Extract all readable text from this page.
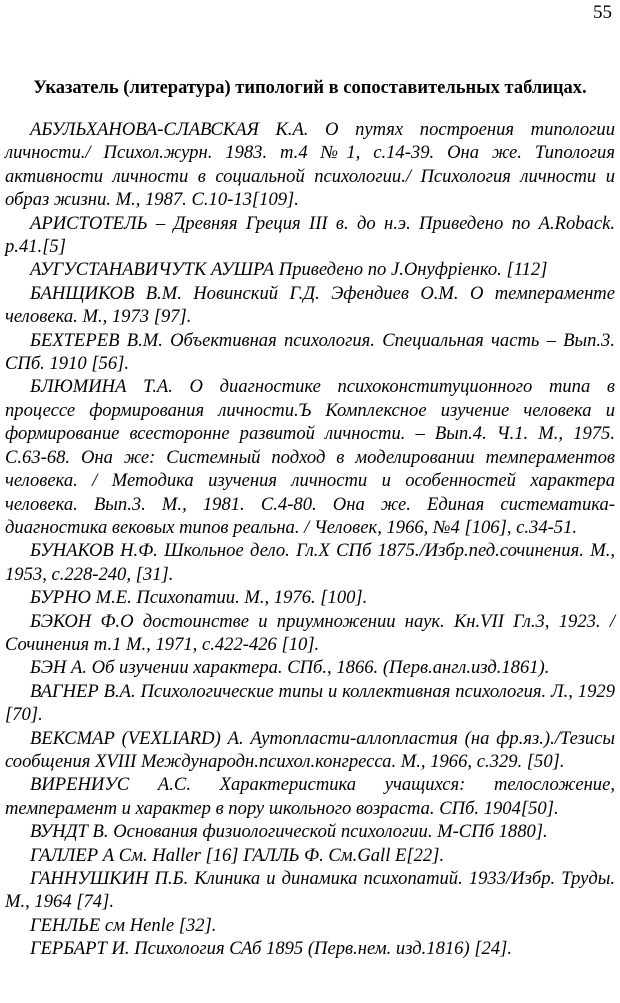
55
Указатель (литература) типологий в сопоставительных таблицах.

АБУЛЬХАНОВА-СЛАВСКАЯ К.А. О путях построения типологии личности./ Психол.журн. 1983. т.4 №1, с.14-39. Она же. Типология активности личности в социальной психологии./ Психология личности и образ жизни. М., 1987. С.10-13[109].

АРИСТОТЕЛЬ – Древняя Греция III в. до н.э. Приведено по A.Roback. p.41.[5]

АУГУСТАНАВИЧУТК АУШРА Приведено по J.Онуфрiенко. [112]

БАНЩИКОВ В.М. Новинский Г.Д. Эфендиев О.М. О темпераменте человека. М., 1973 [97].

БЕХТЕРЕВ В.М. Объективная психология. Специальная часть – Вып.3. СПб. 1910 [56].

БЛЮМИНА Т.А. О диагностике психоконституционного типа в процессе формирования личности.Ъ Комплексное изучение человека и формирование всесторонне развитой личности. – Вып.4. Ч.1. М., 1975. С.63-68. Она же: Системный подход в моделировании темпераментов человека. / Методика изучения личности и особенностей характера человека. Вып.3. М., 1981. С.4-80. Она же. Единая систематика-диагностика вековых типов реальна. / Человек, 1966, №4 [106], с.34-51.

БУНАКОВ Н.Ф. Школьное дело. Гл.Х СПб 1875./Избр.пед.сочинения. М., 1953, с.228-240, [31].

БУРНО М.Е. Психопатии. М., 1976. [100].

БЭКОН Ф.О достоинстве и приумножении наук. Кн.VII Гл.3, 1923. /Сочинения т.1 М., 1971, с.422-426 [10].

БЭН А. Об изучении характера. СПб., 1866. (Перв.англ.изд.1861).

ВАГНЕР В.А. Психологические типы и коллективная психология. Л., 1929 [70].

ВЕКСМАР (VEXLIARD) А. Аутопласти-аллопластия (на фр.яз.)./Тезисы сообщения XVIII Международн.психол.конгресса. М., 1966, с.329. [50].

ВИРЕНИУС А.С. Характеристика учащихся: телосложение, темперамент и характер в пору школьного возраста. СПб. 1904[50].

ВУНДТ В. Основания физиологической психологии. М-СПб 1880].

ГАЛЛЕР А См. Haller [16] ГАЛЛЬ Ф. См.Gall E[22].

ГАННУШКИН П.Б. Клиника и динамика психопатий. 1933/Избр. Труды. М., 1964 [74].

ГЕНЛЬЕ см Henle [32].

ГЕРБАРТ И. Психология САб 1895 (Перв.нем. изд.1816) [24].
